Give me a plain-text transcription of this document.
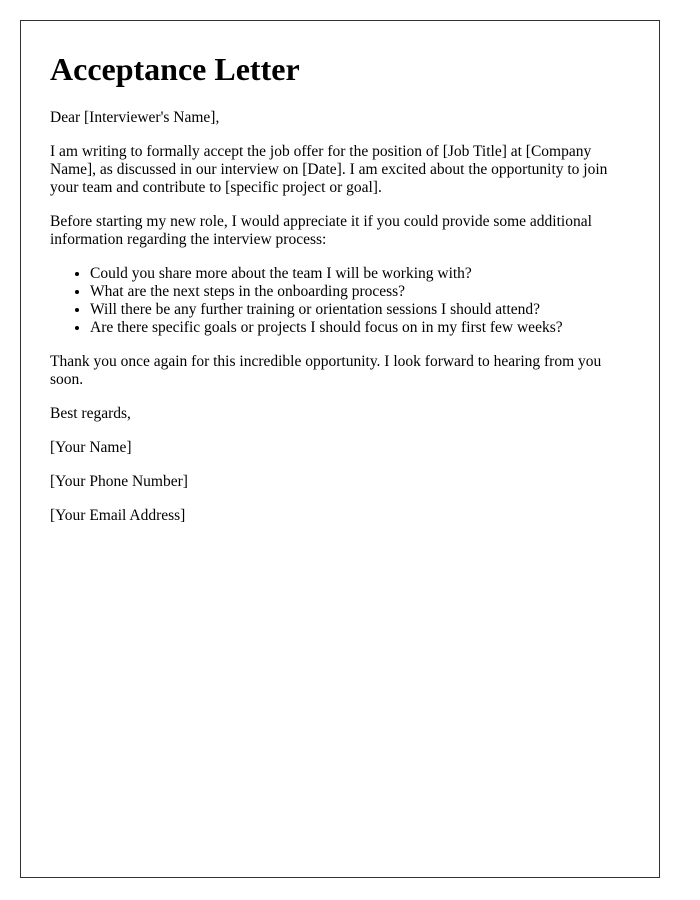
Acceptance Letter

Dear [Interviewer's Name],

I am writing to formally accept the job offer for the position of [Job Title] at [Company Name], as discussed in our interview on [Date]. I am excited about the opportunity to join your team and contribute to [specific project or goal].

Before starting my new role, I would appreciate it if you could provide some additional information regarding the interview process:

• Could you share more about the team I will be working with?
• What are the next steps in the onboarding process?
• Will there be any further training or orientation sessions I should attend?
• Are there specific goals or projects I should focus on in my first few weeks?

Thank you once again for this incredible opportunity. I look forward to hearing from you soon.

Best regards,

[Your Name]

[Your Phone Number]

[Your Email Address]
